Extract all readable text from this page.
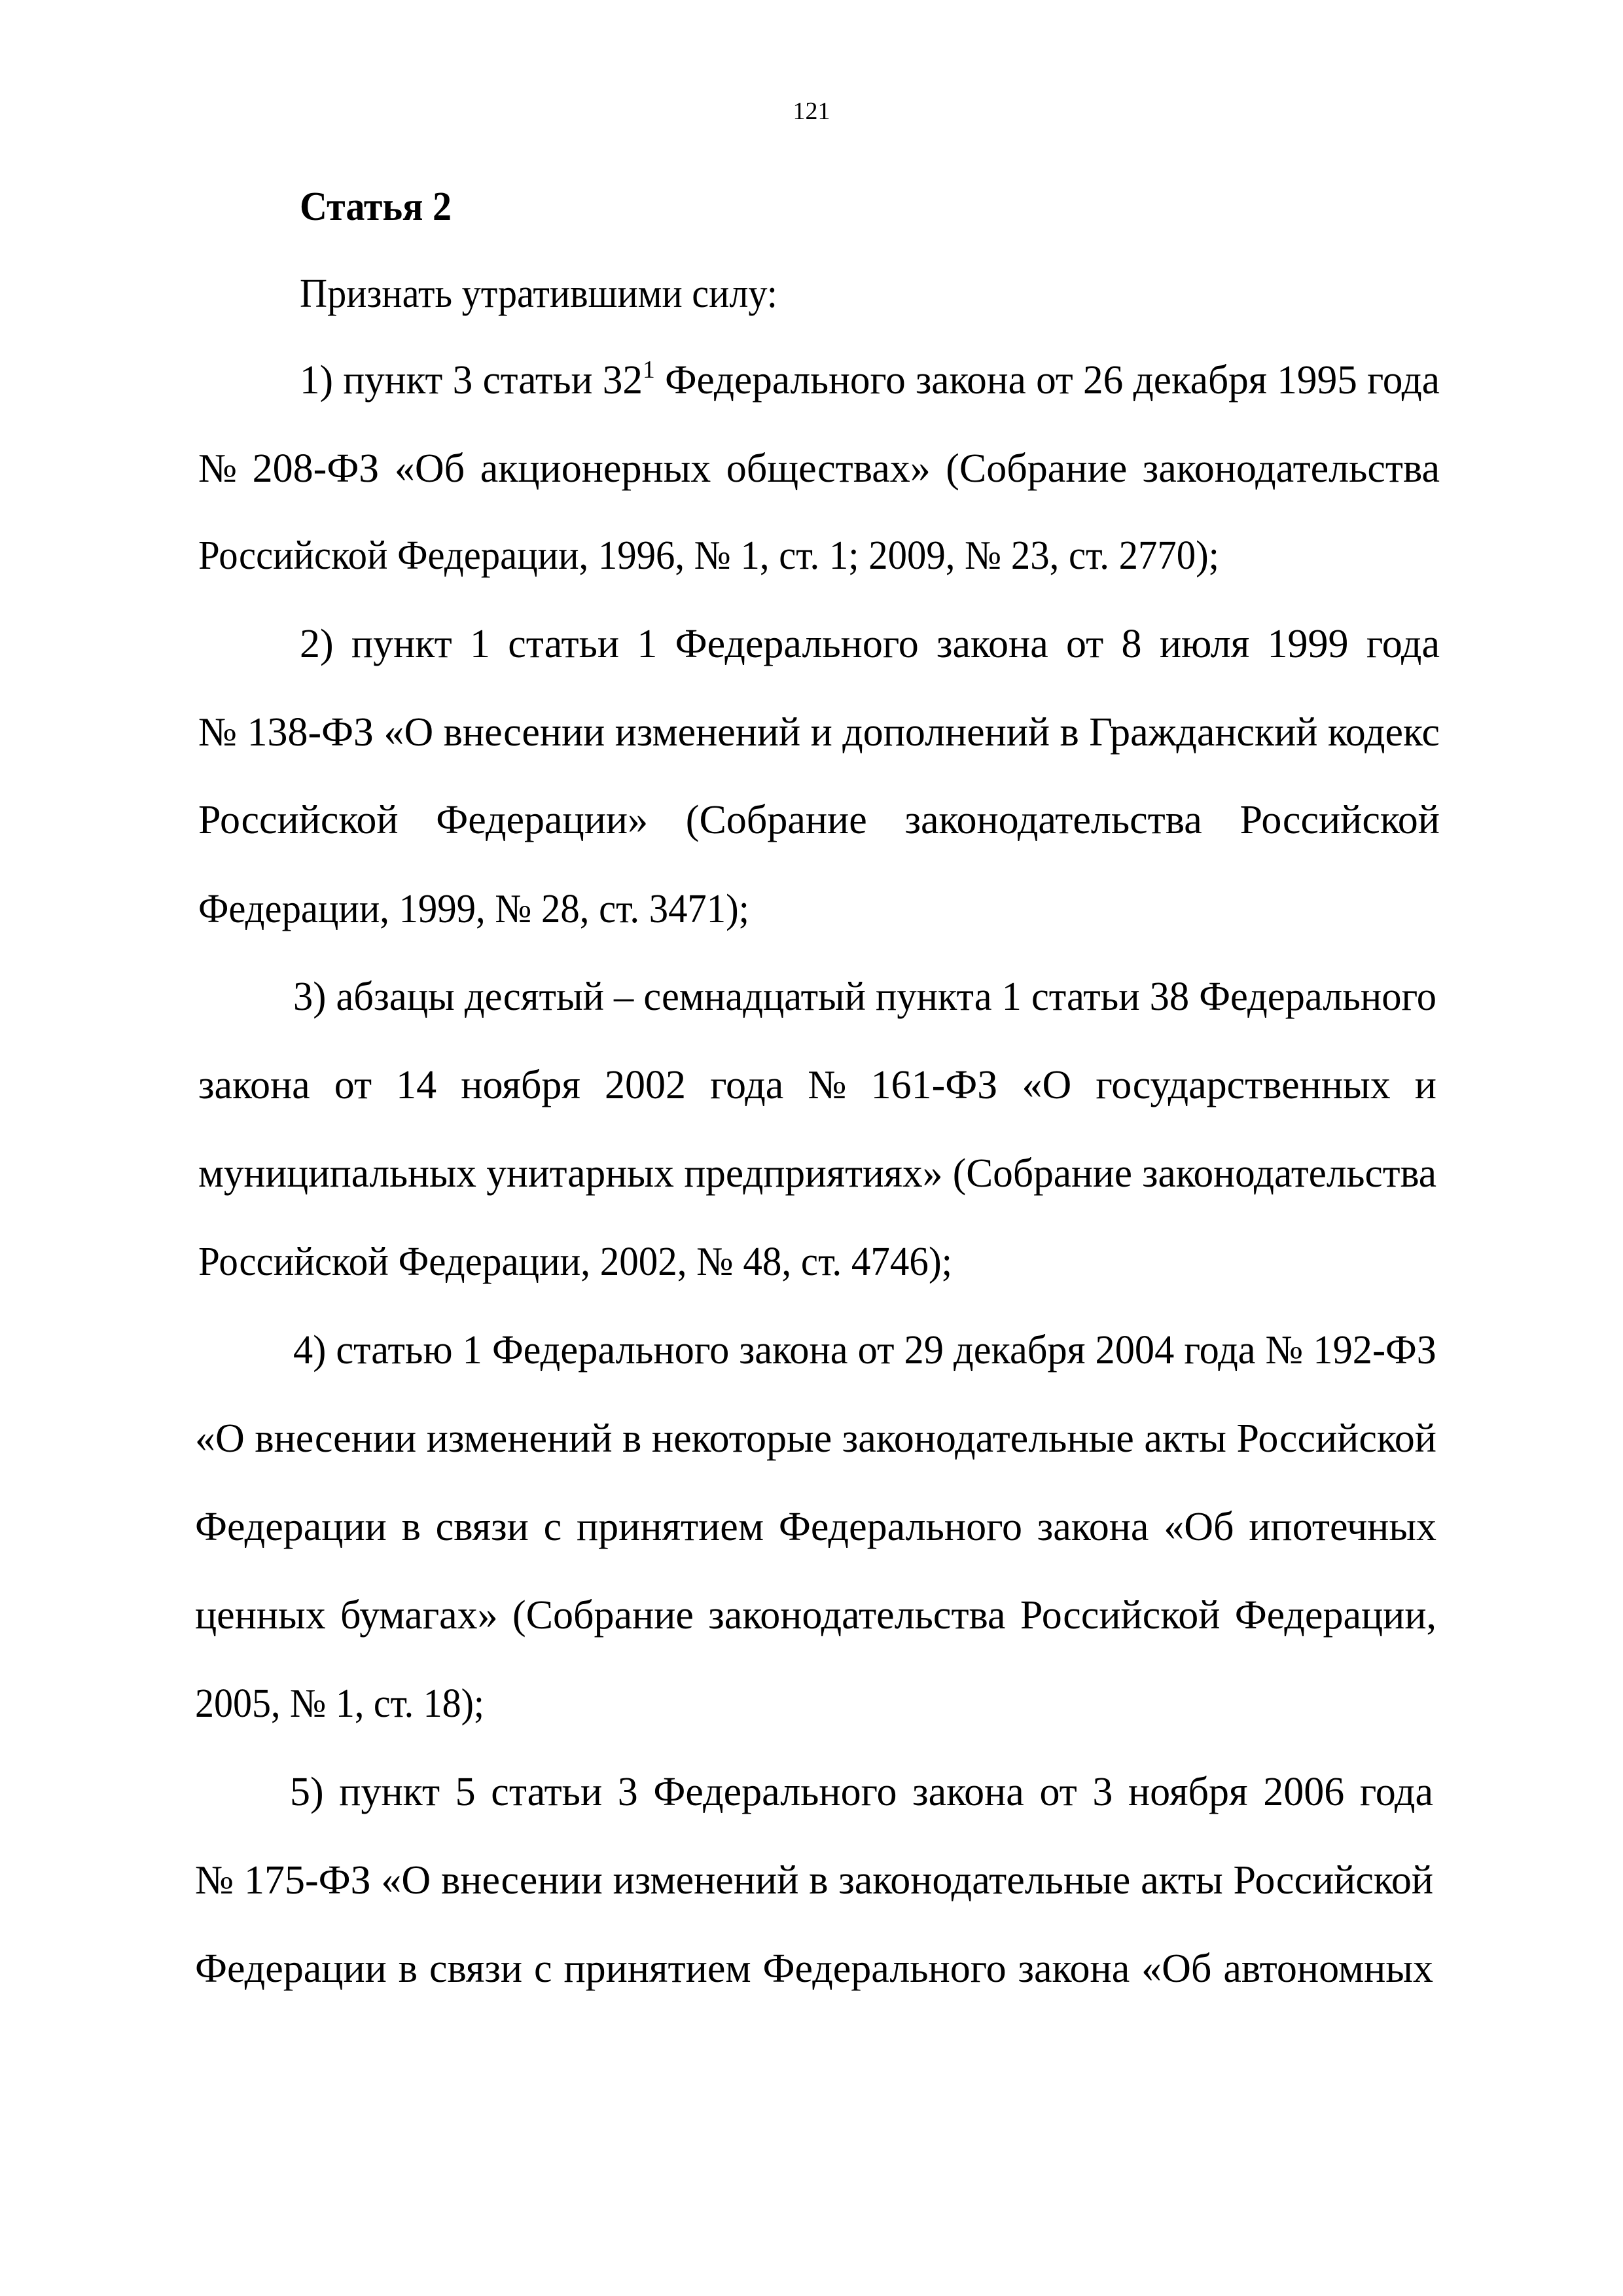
121
Статья 2
Признать утратившими силу:
1) пункт 3 статьи $32^1$ Федерального закона от 26 декабря 1995 года
№ 208-ФЗ «Об акционерных обществах» (Собрание законодательства
Российской Федерации, 1996, № 1, ст. 1; 2009, № 23, ст. 2770);
2) пункт 1 статьи 1 Федерального закона от 8 июля 1999 года
№ 138-ФЗ «О внесении изменений и дополнений в Гражданский кодекс
Российской Федерации» (Собрание законодательства Российской
Федерации, 1999, № 28, ст. 3471);
3) абзацы десятый – семнадцатый пункта 1 статьи 38 Федерального
закона от 14 ноября 2002 года № 161-ФЗ «О государственных и
муниципальных унитарных предприятиях» (Собрание законодательства
Российской Федерации, 2002, № 48, ст. 4746);
4) статью 1 Федерального закона от 29 декабря 2004 года № 192-ФЗ
«О внесении изменений в некоторые законодательные акты Российской
Федерации в связи с принятием Федерального закона «Об ипотечных
ценных бумагах» (Собрание законодательства Российской Федерации,
2005, № 1, ст. 18);
5) пункт 5 статьи 3 Федерального закона от 3 ноября 2006 года
№ 175-ФЗ «О внесении изменений в законодательные акты Российской
Федерации в связи с принятием Федерального закона «Об автономных
